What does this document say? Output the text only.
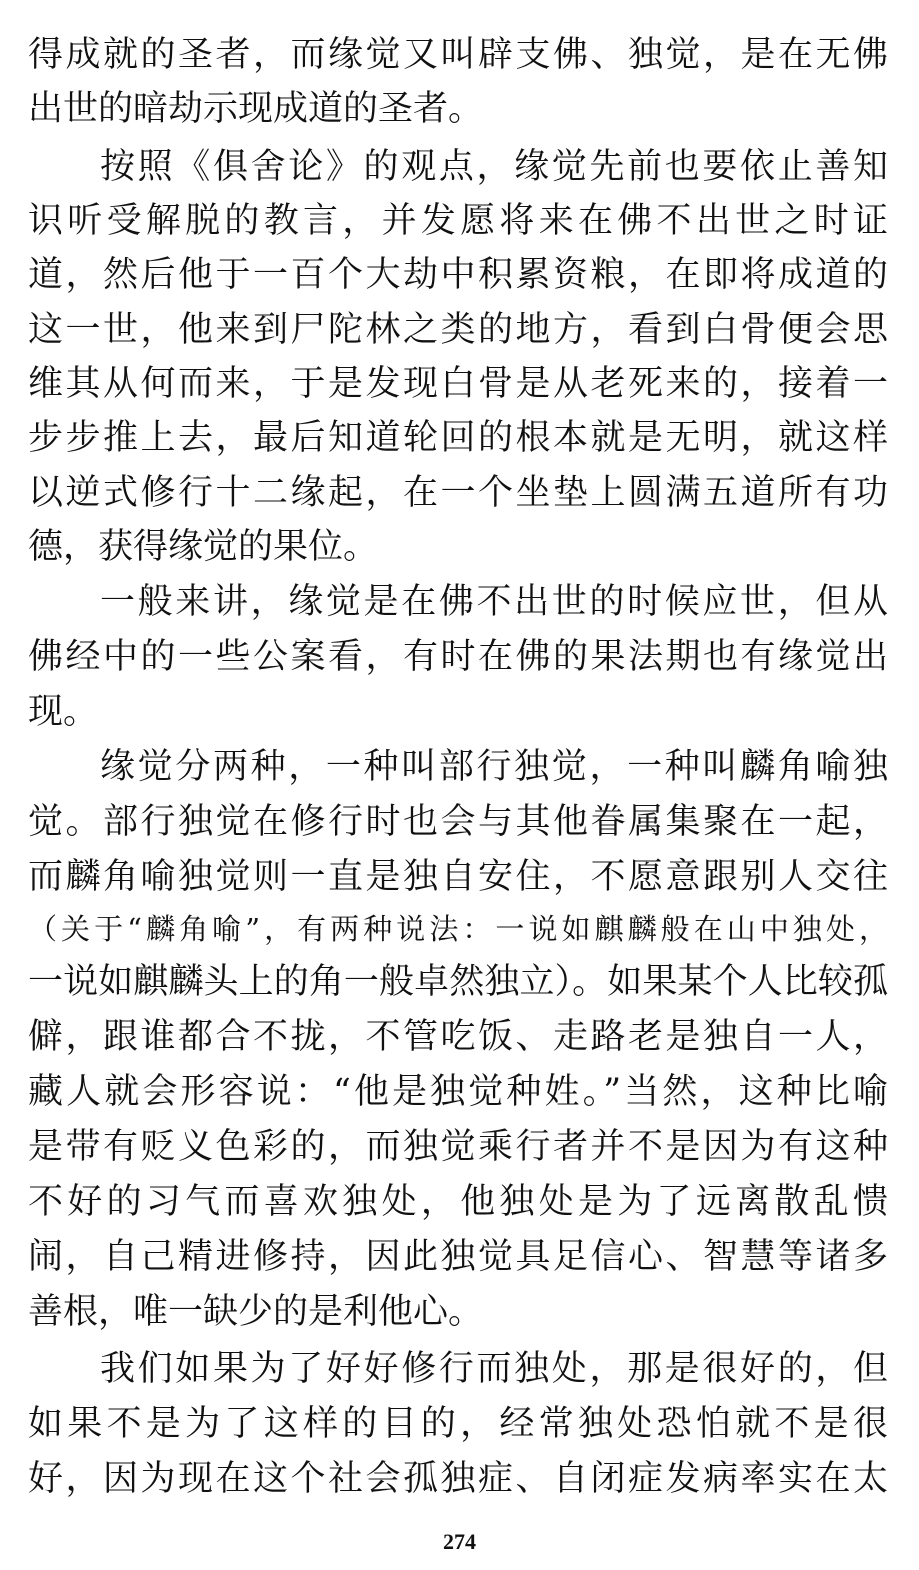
得成就的圣者，而缘觉又叫辟支佛、独觉，是在无佛
出世的暗劫示现成道的圣者。
按照《俱舍论》的观点，缘觉先前也要依止善知
识听受解脱的教言，并发愿将来在佛不出世之时证
道，然后他于一百个大劫中积累资粮，在即将成道的
这一世，他来到尸陀林之类的地方，看到白骨便会思
维其从何而来，于是发现白骨是从老死来的，接着一
步步推上去，最后知道轮回的根本就是无明，就这样
以逆式修行十二缘起，在一个坐垫上圆满五道所有功
德，获得缘觉的果位。
一般来讲，缘觉是在佛不出世的时候应世，但从
佛经中的一些公案看，有时在佛的果法期也有缘觉出
现。
缘觉分两种，一种叫部行独觉，一种叫麟角喻独
觉。部行独觉在修行时也会与其他眷属集聚在一起，
而麟角喻独觉则一直是独自安住，不愿意跟别人交往
（关于“麟角喻”，有两种说法：一说如麒麟般在山中独处，
一说如麒麟头上的角一般卓然独立）。如果某个人比较孤
僻，跟谁都合不拢，不管吃饭、走路老是独自一人，
藏人就会形容说：“他是独觉种姓。”当然，这种比喻
是带有贬义色彩的，而独觉乘行者并不是因为有这种
不好的习气而喜欢独处，他独处是为了远离散乱愦
闹，自己精进修持，因此独觉具足信心、智慧等诸多
善根，唯一缺少的是利他心。
我们如果为了好好修行而独处，那是很好的，但
如果不是为了这样的目的，经常独处恐怕就不是很
好，因为现在这个社会孤独症、自闭症发病率实在太
274
